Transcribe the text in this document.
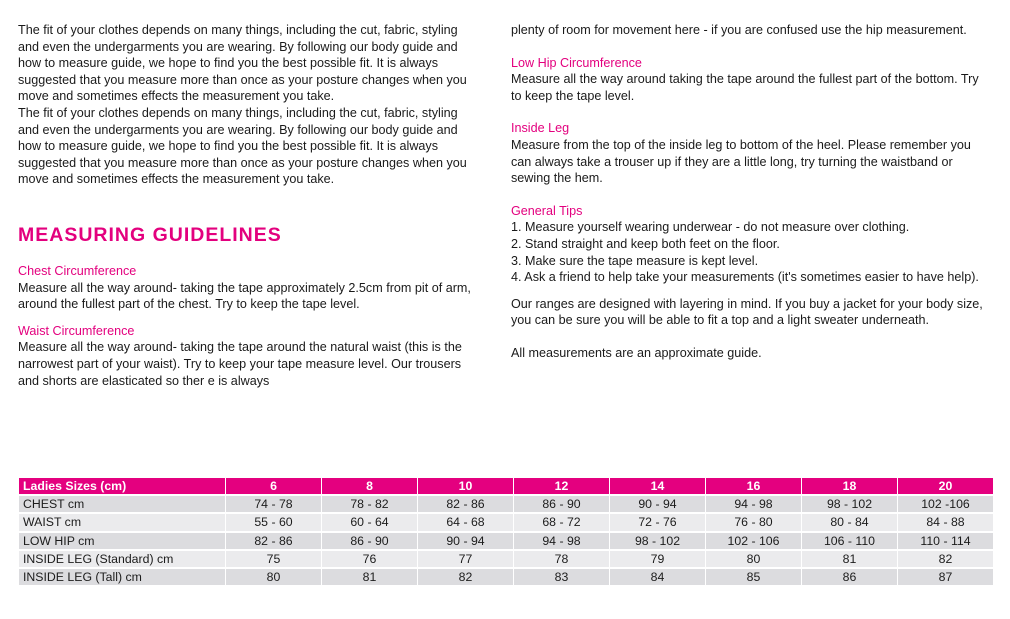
The fit of your clothes depends on many things, including the cut, fabric, styling and even the undergarments you are wearing. By following our body guide and how to measure guide, we hope to find you the best possible fit. It is always suggested that you measure more than once as your posture changes when you move and sometimes effects the measurement you take.

The fit of your clothes depends on many things, including the cut, fabric, styling and even the undergarments you are wearing. By following our body guide and how to measure guide, we hope to find you the best possible fit. It is always suggested that you measure more than once as your posture changes when you move and sometimes effects the measurement you take.

MEASURING GUIDELINES

Chest Circumference

Measure all the way around- taking the tape approximately 2.5cm from pit of arm, around the fullest part of the chest. Try to keep the tape level.

Waist Circumference

Measure all the way around- taking the tape around the natural waist (this is the narrowest part of your waist). Try to keep your tape measure level. Our trousers and shorts are elasticated so ther e is always

plenty of room for movement here - if you are confused use the hip measurement.

Low Hip Circumference

Measure all the way around taking the tape around the fullest part of the bottom. Try to keep the tape level.

Inside Leg

Measure from the top of the inside leg to bottom of the heel. Please remember you can always take a trouser up if they are a little long, try turning the waistband or sewing the hem.

General Tips

1. Measure yourself wearing underwear - do not measure over clothing.

2. Stand straight and keep both feet on the floor.

3. Make sure the tape measure is kept level.

4. Ask a friend to help take your measurements (it's sometimes easier to have help).

Our ranges are designed with layering in mind. If you buy a jacket for your body size, you can be sure you will be able to fit a top and a light sweater underneath.

All measurements are an approximate guide.

Ladies Sizes (cm)	6	8	10	12	14	16	18	20
CHEST cm	74 - 78	78 - 82	82 - 86	86 - 90	90 - 94	94 - 98	98 - 102	102 -106
WAIST cm	55 - 60	60 - 64	64 - 68	68 - 72	72 - 76	76 - 80	80 - 84	84 - 88
LOW HIP cm	82 - 86	86 - 90	90 - 94	94 - 98	98 - 102	102 - 106	106 - 110	110 - 114
INSIDE LEG (Standard) cm	75	76	77	78	79	80	81	82
INSIDE LEG (Tall) cm	80	81	82	83	84	85	86	87
